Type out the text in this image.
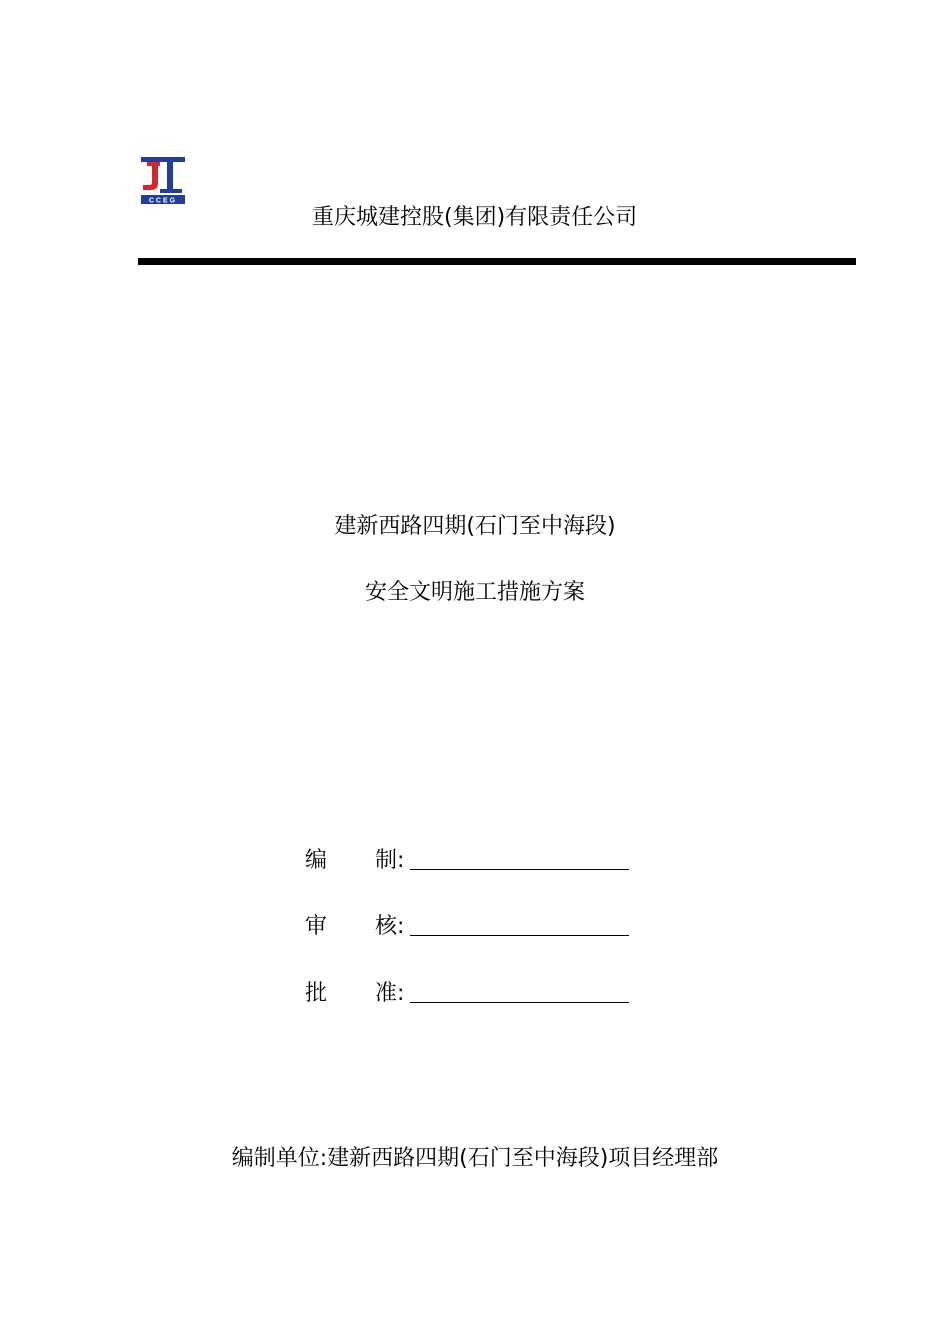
CCEG
重庆城建控股(集团)有限责任公司
建新西路四期(石门至中海段)
安全文明施工措施方案
编 制:
审 核:
批 准:
编制单位:建新西路四期(石门至中海段)项目经理部
